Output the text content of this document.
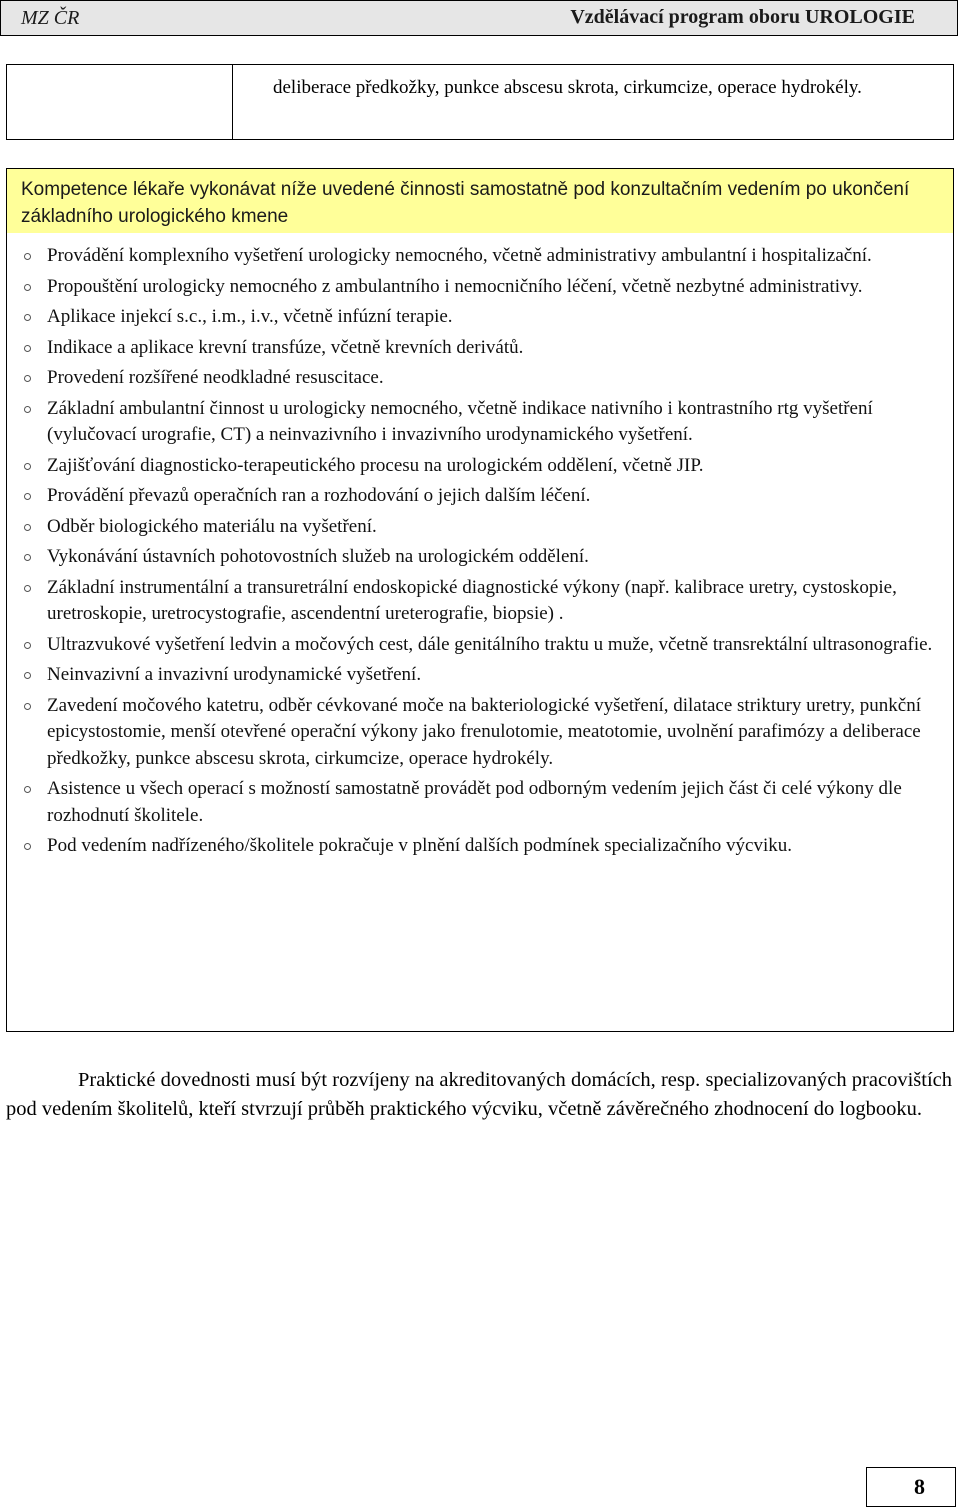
MZ ČR	Vzdělávací program oboru UROLOGIE
deliberace předkožky, punkce abscesu skrota, cirkumcize, operace hydrokély.
Kompetence lékaře vykonávat níže uvedené činnosti samostatně pod konzultačním vedením po ukončení základního urologického kmene
Provádění komplexního vyšetření urologicky nemocného, včetně administrativy ambulantní i hospitalizační.
Propouštění urologicky nemocného z ambulantního i nemocničního léčení, včetně nezbytné administrativy.
Aplikace injekcí s.c., i.m., i.v., včetně infúzní terapie.
Indikace a aplikace krevní transfúze, včetně krevních derivátů.
Provedení rozšířené neodkladné resuscitace.
Základní ambulantní činnost u urologicky nemocného, včetně indikace nativního i kontrastního rtg vyšetření (vylučovací urografie, CT) a neinvazivního i invazivního urodynamického vyšetření.
Zajišťování diagnosticko-terapeutického procesu na urologickém oddělení, včetně JIP.
Provádění převazů operačních ran a rozhodování o jejich dalším léčení.
Odběr biologického materiálu na vyšetření.
Vykonávání ústavních pohotovostních služeb na urologickém oddělení.
Základní instrumentální a transuretrální endoskopické diagnostické výkony (např. kalibrace uretry, cystoskopie, uretroskopie, uretrocystografie, ascendentní ureterografie, biopsie) .
Ultrazvukové vyšetření ledvin a močových cest, dále genitálního traktu u muže, včetně transrektální ultrasonografie.
Neinvazivní a invazivní urodynamické vyšetření.
Zavedení močového katetru, odběr cévkované moče na bakteriologické vyšetření, dilatace striktury uretry, punkční epicystostomie, menší otevřené operační výkony jako frenulotomie, meatotomie, uvolnění parafimózy a deliberace předkožky, punkce abscesu skrota, cirkumcize, operace hydrokély.
Asistence u všech operací s možností samostatně provádět pod odborným vedením jejich část či celé výkony dle rozhodnutí školitele.
Pod vedením nadřízeného/školitele pokračuje v plnění dalších podmínek specializačního výcviku.

Praktické dovednosti musí být rozvíjeny na akreditovaných domácích, resp. specializovaných pracovištích pod vedením školitelů, kteří stvrzují průběh praktického výcviku, včetně závěrečného zhodnocení do logbooku.

8
